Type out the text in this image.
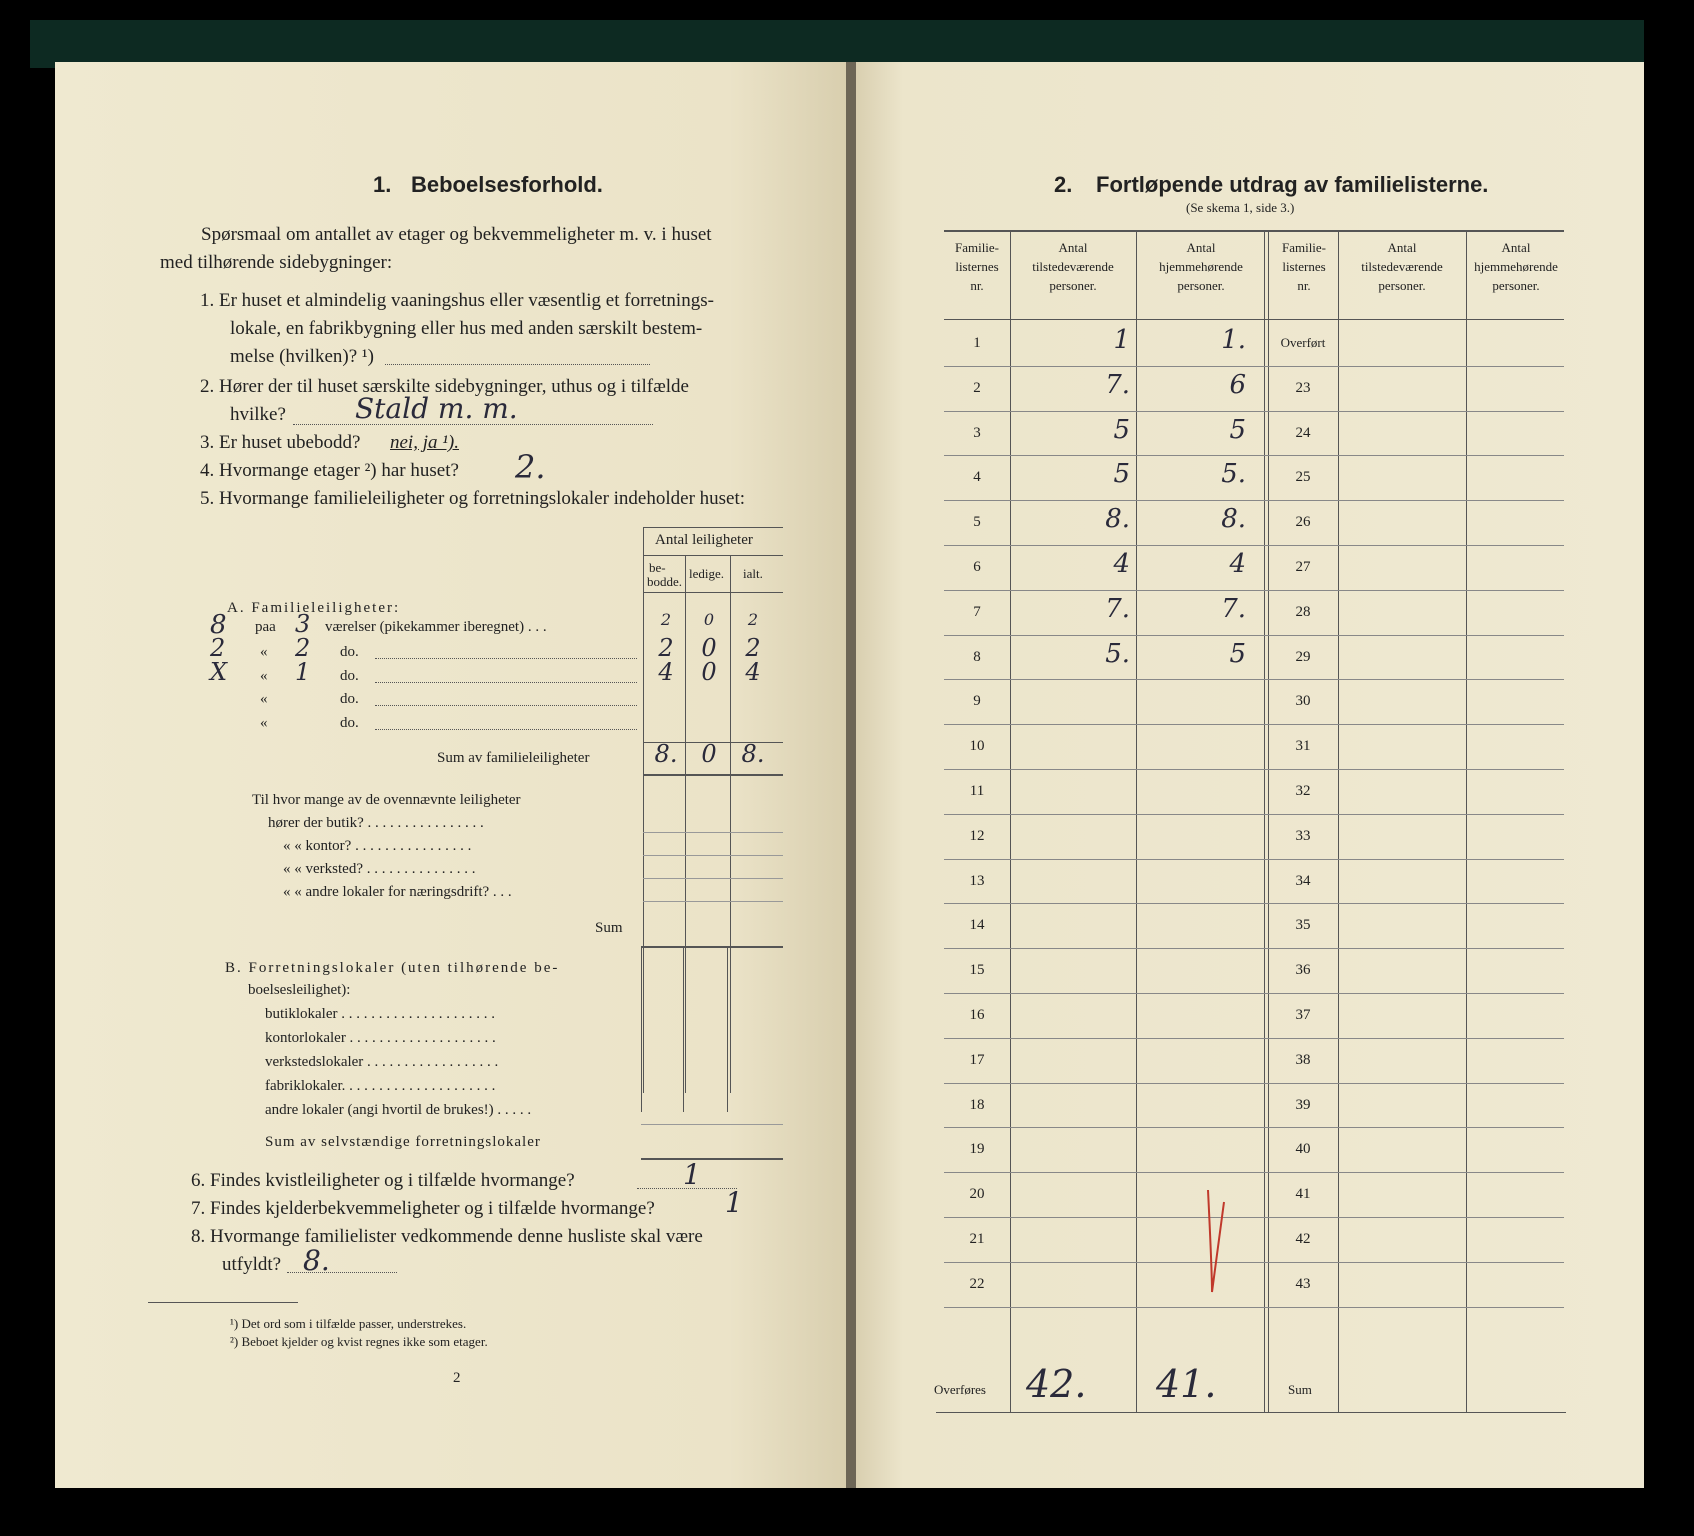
1. Beboelsesforhold.
Spørsmaal om antallet av etager og bekvemmeligheter m. v. i huset
med tilhørende sidebygninger:
1. Er huset et almindelig vaaningshus eller væsentlig et forretnings-
lokale, en fabrikbygning eller hus med anden særskilt bestem-
melse (hvilken)? ¹)
2. Hører der til huset særskilte sidebygninger, uthus og i tilfælde
hvilke? Stald m. m.
3. Er huset ubebodd? nei, ja ¹).
4. Hvormange etager ²) har huset? 2.
5. Hvormange familieleiligheter og forretningslokaler indeholder huset:
Antal leiligheter
be-
bodde.
ledige. ialt.
A. Familieleiligheter:
8 paa 3 værelser (pikekammer iberegnet) . . .	2	0	2
2 « 2 do.	2	0	2
X « 1 do.	4	0	4
«	do.
«	do.
Sum av familieleiligheter	8. 0	8.
Til hvor mange av de ovennævnte leiligheter
hører der butik? . . . . . . . . . . . . . . . .
« « kontor? . . . . . . . . . . . . . . . .
« « verksted? . . . . . . . . . . . . . . .
« « andre lokaler for næringsdrift? . . .
Sum
B. Forretningslokaler (uten tilhørende be-
boelsesleilighet):
butiklokaler . . . . . . . . . . . . . . . . . . . . .
kontorlokaler . . . . . . . . . . . . . . . . . . . .
verkstedslokaler . . . . . . . . . . . . . . . . . .
fabriklokaler. . . . . . . . . . . . . . . . . . . . .
andre lokaler (angi hvortil de brukes!) . . . . .
Sum av selvstændige forretningslokaler
6. Findes kvistleiligheter og i tilfælde hvormange?	1
7. Findes kjelderbekvemmeligheter og i tilfælde hvormange?	1
8. Hvormange familielister vedkommende denne husliste skal være
utfyldt? 8.
¹) Det ord som i tilfælde passer, understrekes.
²) Beboet kjelder og kvist regnes ikke som etager.
2
2. Fortløpende utdrag av familielisterne.
(Se skema 1, side 3.)
Familie-
listernes
nr.
Antal
tilstedeværende
personer.
Antal
hjemmehørende
personer.
Familie-
listernes
nr.
Antal
tilstedeværende
personer.
Antal
hjemmehørende
personer.
1	1	1.	Overført
2	7.	6	23
3	5	5	24
4	5	5.	25
5	8.	8.	26
6	4	4	27
7	7.	7.	28
8	5.	5	29
9	30
10	31
11	32
12	33
13	34
14	35
15	36
16	37
17	38
18	39
19	40
20	41
21	42
22	43
Overføres 42. 41.	Sum
